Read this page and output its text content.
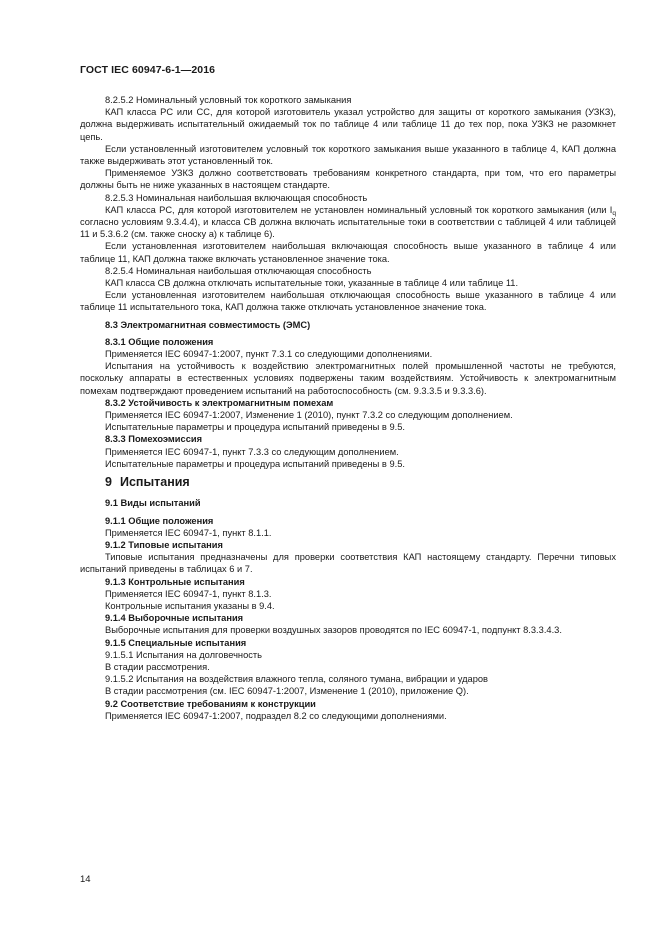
ГОСТ IEC 60947-6-1—2016
8.2.5.2 Номинальный условный ток короткого замыкания

КАП класса PC или CC, для которой изготовитель указал устройство для защиты от короткого замыкания (УЗКЗ), должна выдерживать испытательный ожидаемый ток по таблице 4 или таблице 11 до тех пор, пока УЗКЗ не разомкнет цепь.

Если установленный изготовителем условный ток короткого замыкания выше указанного в таблице 4, КАП должна также выдерживать этот установленный ток.

Применяемое УЗКЗ должно соответствовать требованиям конкретного стандарта, при том, что его параметры должны быть не ниже указанных в настоящем стандарте.

8.2.5.3 Номинальная наибольшая включающая способность

КАП класса PC, для которой изготовителем не установлен номинальный условный ток короткого замыкания (или $I_q$ согласно условиям 9.3.4.4), и класса CB должна включать испытательные токи в соответствии с таблицей 4 или таблицей 11 и 5.3.6.2 (см. также сноску а) к таблице 6).

Если установленная изготовителем наибольшая включающая способность выше указанного в таблице 4 или таблице 11, КАП должна также включать установленное значение тока.

8.2.5.4 Номинальная наибольшая отключающая способность

КАП класса CB должна отключать испытательные токи, указанные в таблице 4 или таблице 11.

Если установленная изготовителем наибольшая отключающая способность выше указанного в таблице 4 или таблице 11 испытательного тока, КАП должна также отключать установленное значение тока.

8.3 Электромагнитная совместимость (ЭМС)
8.3.1 Общие положения

Применяется IEC 60947-1:2007, пункт 7.3.1 со следующими дополнениями.

Испытания на устойчивость к воздействию электромагнитных полей промышленной частоты не требуются, поскольку аппараты в естественных условиях подвержены таким воздействиям. Устойчивость к электромагнитным помехам подтверждают проведением испытаний на работоспособность (см. 9.3.3.5 и 9.3.3.6).

8.3.2 Устойчивость к электромагнитным помехам

Применяется IEC 60947-1:2007, Изменение 1 (2010), пункт 7.3.2 со следующим дополнением.

Испытательные параметры и процедура испытаний приведены в 9.5.

8.3.3 Помехоэмиссия

Применяется IEC 60947-1, пункт 7.3.3 со следующим дополнением.

Испытательные параметры и процедура испытаний приведены в 9.5.

9 Испытания
9.1 Виды испытаний
9.1.1 Общие положения

Применяется IEC 60947-1, пункт 8.1.1.

9.1.2 Типовые испытания

Типовые испытания предназначены для проверки соответствия КАП настоящему стандарту. Перечни типовых испытаний приведены в таблицах 6 и 7.

9.1.3 Контрольные испытания

Применяется IEC 60947-1, пункт 8.1.3.

Контрольные испытания указаны в 9.4.

9.1.4 Выборочные испытания

Выборочные испытания для проверки воздушных зазоров проводятся по IEC 60947-1, подпункт 8.3.3.4.3.

9.1.5 Специальные испытания
9.1.5.1 Испытания на долговечность

В стадии рассмотрения.

9.1.5.2 Испытания на воздействия влажного тепла, соляного тумана, вибрации и ударов

В стадии рассмотрения (см. IEC 60947-1:2007, Изменение 1 (2010), приложение Q).

9.2 Соответствие требованиям к конструкции

Применяется IEC 60947-1:2007, подраздел 8.2 со следующими дополнениями.

14
